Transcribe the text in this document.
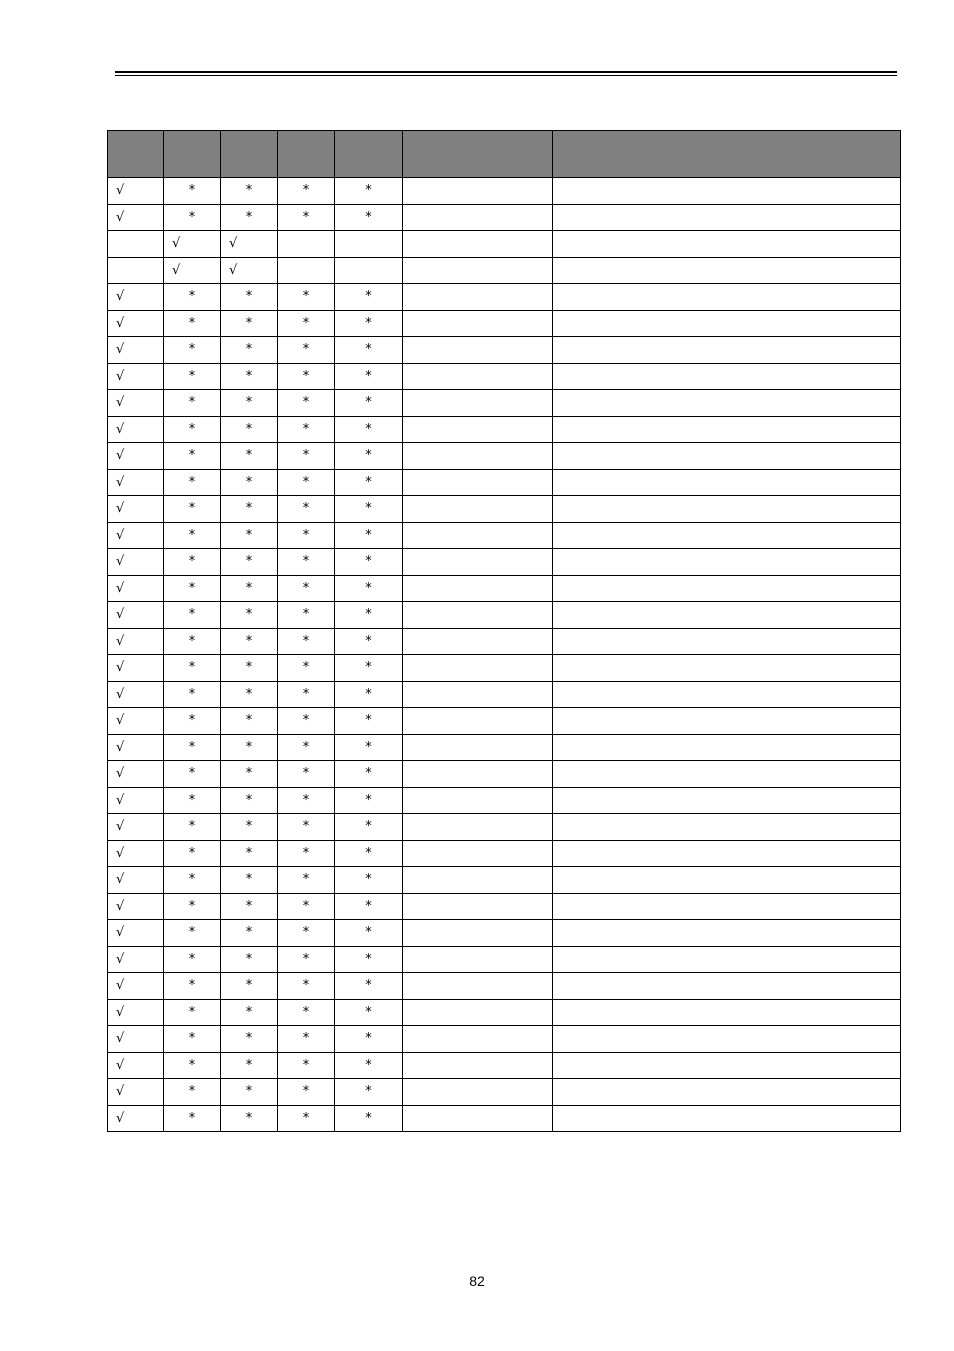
√	*	*	*	*		
√	*	*	*	*		
	√	√				
	√	√				
√	*	*	*	*		
√	*	*	*	*		
√	*	*	*	*		
√	*	*	*	*		
√	*	*	*	*		
√	*	*	*	*		
√	*	*	*	*		
√	*	*	*	*		
√	*	*	*	*		
√	*	*	*	*		
√	*	*	*	*		
√	*	*	*	*		
√	*	*	*	*		
√	*	*	*	*		
√	*	*	*	*		
√	*	*	*	*		
√	*	*	*	*		
√	*	*	*	*		
√	*	*	*	*		
√	*	*	*	*		
√	*	*	*	*		
√	*	*	*	*		
√	*	*	*	*		
√	*	*	*	*		
√	*	*	*	*		
√	*	*	*	*		
√	*	*	*	*		
√	*	*	*	*		
√	*	*	*	*		
√	*	*	*	*		
√	*	*	*	*		
√	*	*	*	*		
82
